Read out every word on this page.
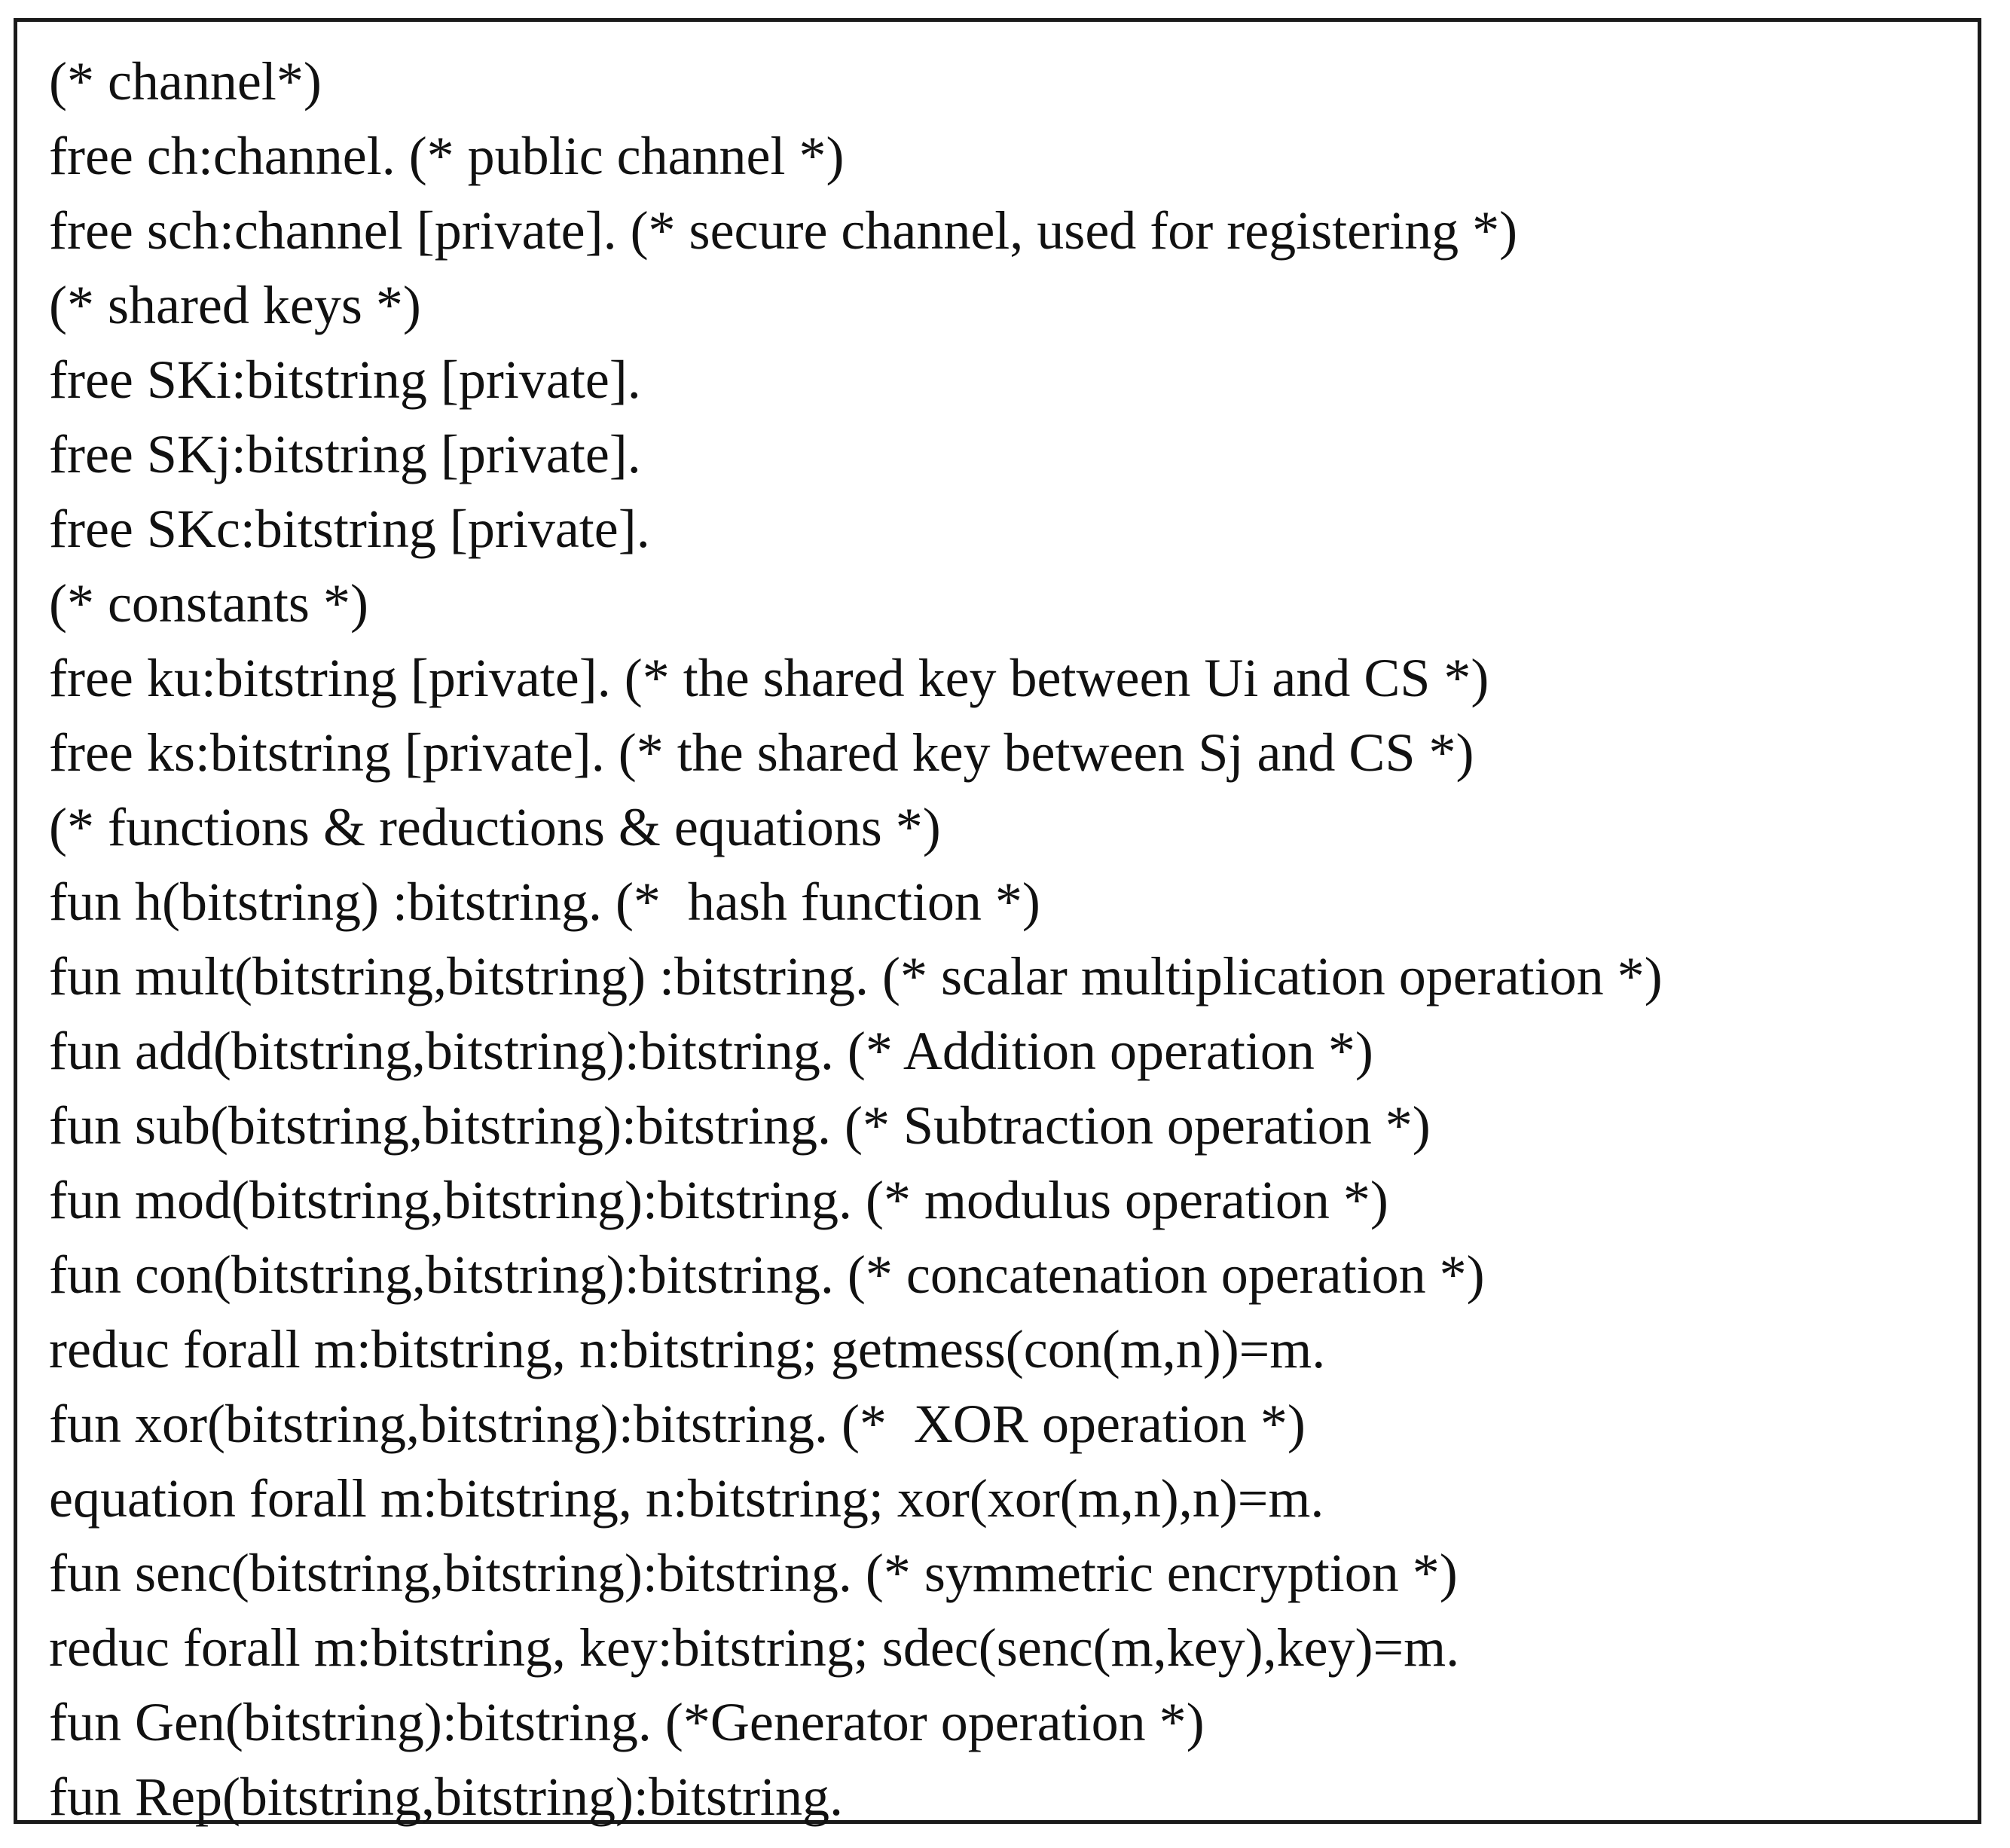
(* channel*)
free ch:channel. (* public channel *)
free sch:channel [private]. (* secure channel, used for registering *)
(* shared keys *)
free SKi:bitstring [private].
free SKj:bitstring [private].
free SKc:bitstring [private].
(* constants *)
free ku:bitstring [private]. (* the shared key between Ui and CS *)
free ks:bitstring [private]. (* the shared key between Sj and CS *)
(* functions & reductions & equations *)
fun h(bitstring) :bitstring. (*  hash function *)
fun mult(bitstring,bitstring) :bitstring. (* scalar multiplication operation *)
fun add(bitstring,bitstring):bitstring. (* Addition operation *)
fun sub(bitstring,bitstring):bitstring. (* Subtraction operation *)
fun mod(bitstring,bitstring):bitstring. (* modulus operation *)
fun con(bitstring,bitstring):bitstring. (* concatenation operation *)
reduc forall m:bitstring, n:bitstring; getmess(con(m,n))=m.
fun xor(bitstring,bitstring):bitstring. (*  XOR operation *)
equation forall m:bitstring, n:bitstring; xor(xor(m,n),n)=m.
fun senc(bitstring,bitstring):bitstring. (* symmetric encryption *)
reduc forall m:bitstring, key:bitstring; sdec(senc(m,key),key)=m.
fun Gen(bitstring):bitstring. (*Generator operation *)
fun Rep(bitstring,bitstring):bitstring.
